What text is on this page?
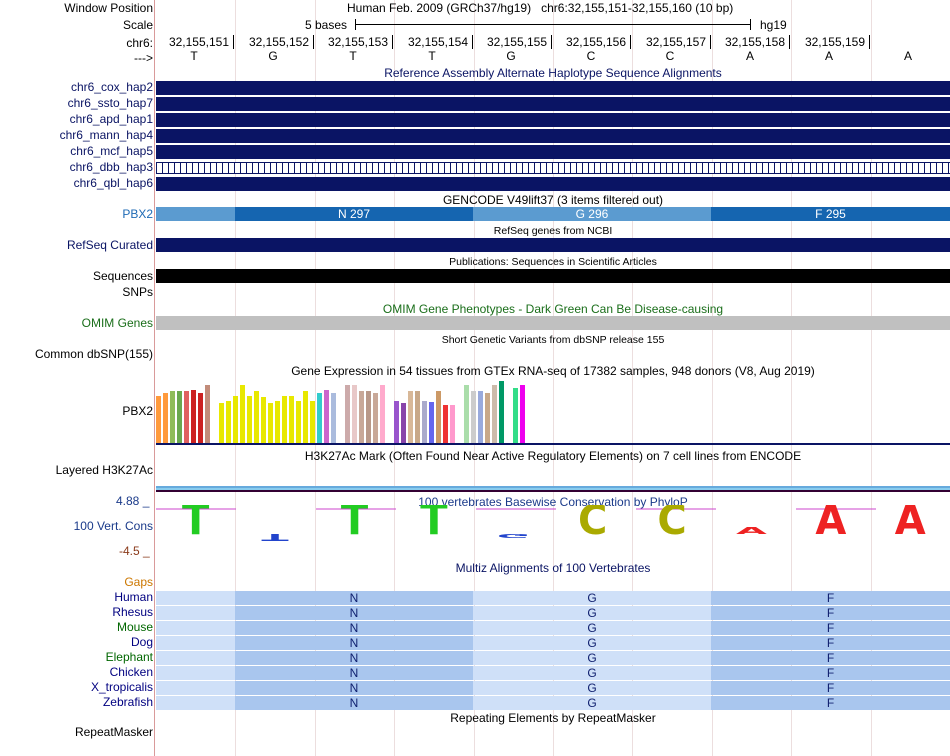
Window Position	Human Feb. 2009 (GRCh37/hg19)   chr6:32,155,151-32,155,160 (10 bp)
Scale	5 bases	hg19
chr6:	32,155,151	32,155,152	32,155,153	32,155,154	32,155,155	32,155,156	32,155,157	32,155,158	32,155,159
--->	T	G	T	T	G	C	C	A	A	A
Reference Assembly Alternate Haplotype Sequence Alignments
chr6_cox_hap2
chr6_ssto_hap7
chr6_apd_hap1
chr6_mann_hap4
chr6_mcf_hap5
chr6_dbb_hap3
chr6_qbl_hap6
GENCODE V49lift37 (3 items filtered out)
PBX2	N 297	G 296	F 295
RefSeq genes from NCBI
RefSeq Curated
Publications: Sequences in Scientific Articles
Sequences
SNPs
OMIM Gene Phenotypes - Dark Green Can Be Disease-causing
OMIM Genes
Short Genetic Variants from dbSNP release 155
Common dbSNP(155)
Gene Expression in 54 tissues from GTEx RNA-seq of 17382 samples, 948 donors (V8, Aug 2019)
PBX2
H3K27Ac Mark (Often Found Near Active Regulatory Elements) on 7 cell lines from ENCODE
Layered H3K27Ac
100 vertebrates Basewise Conservation by PhyloP
4.88 _
100 Vert. Cons
-4.5 _
T T T T G C C A A A
Multiz Alignments of 100 Vertebrates
Gaps
Human	N	G	F
Rhesus	N	G	F
Mouse	N	G	F
Dog	N	G	F
Elephant	N	G	F
Chicken	N	G	F
X_tropicalis	N	G	F
Zebrafish	N	G	F
Repeating Elements by RepeatMasker
RepeatMasker
